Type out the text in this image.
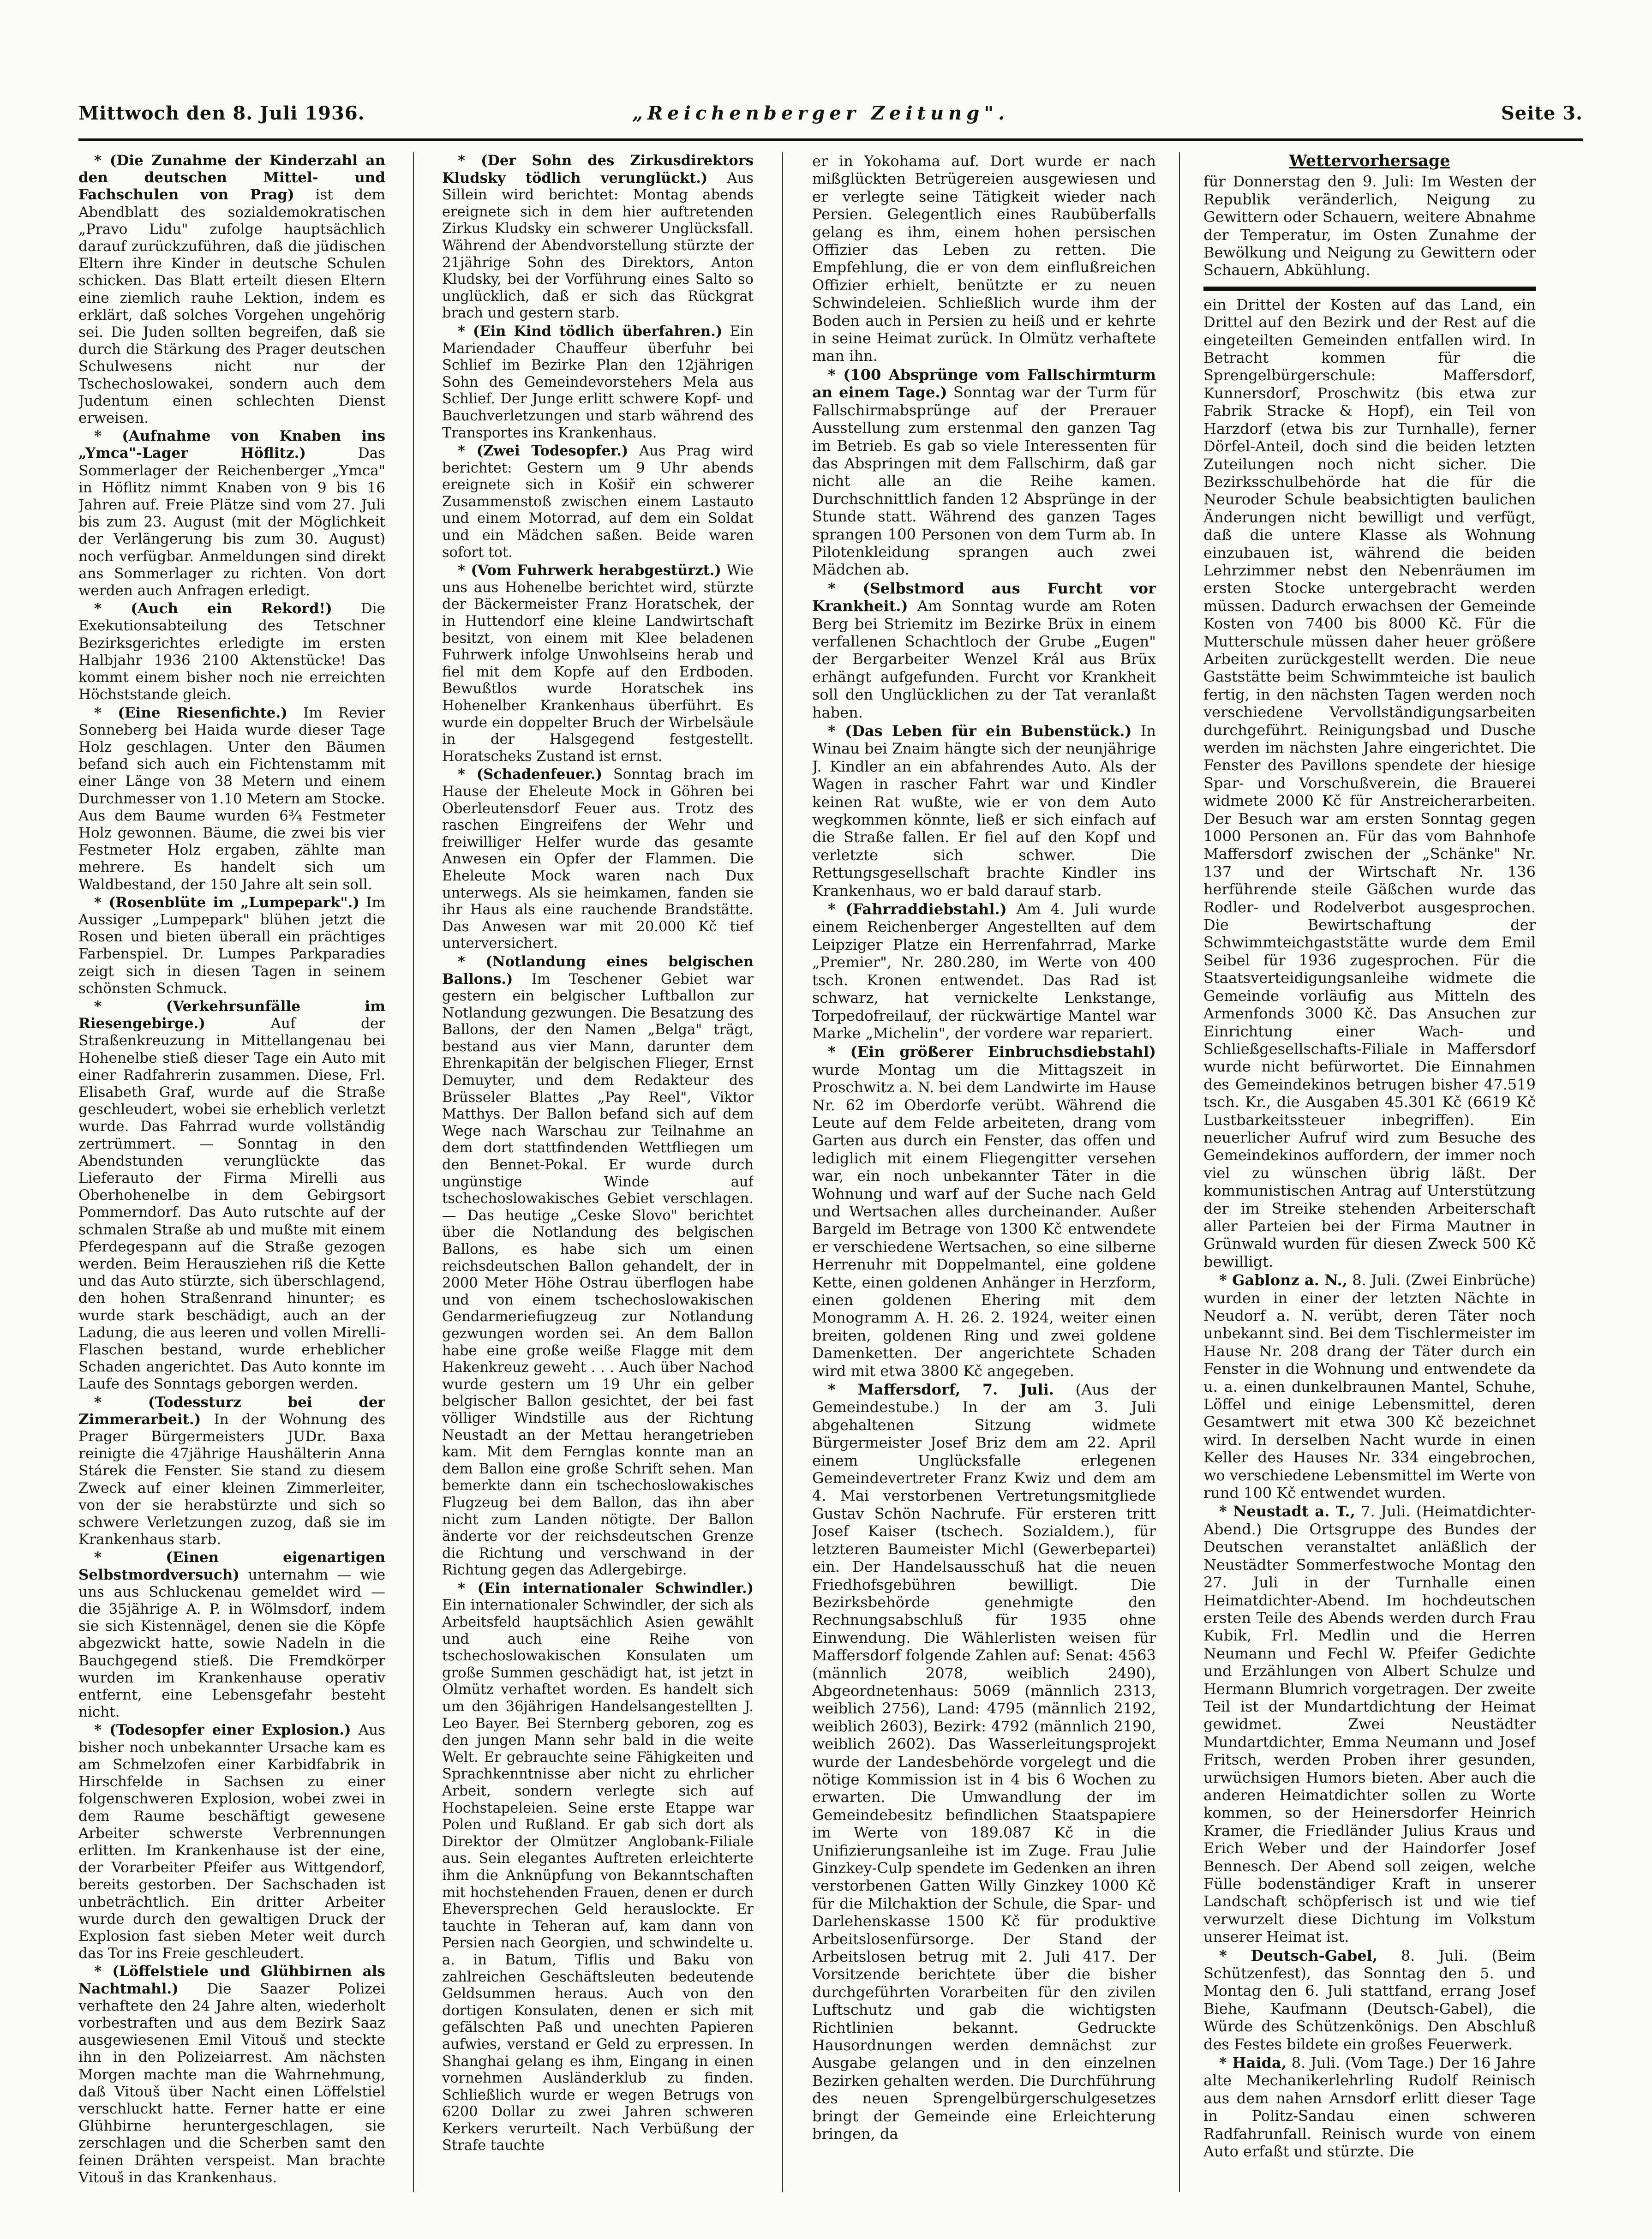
Mittwoch den 8. Juli 1936.	„Reichenberger Zeitung".	Seite 3.

* (Die Zunahme der Kinderzahl an den deutschen Mittel- und Fachschulen von Prag) ist dem Abendblatt des sozialdemokratischen „Pravo Lidu" zufolge hauptsächlich darauf zurückzuführen, daß die jüdischen Eltern ihre Kinder in deutsche Schulen schicken. Das Blatt erteilt diesen Eltern eine ziemlich rauhe Lektion, indem es erklärt, daß solches Vorgehen ungehörig sei. Die Juden sollten begreifen, daß sie durch die Stärkung des Prager deutschen Schulwesens nicht nur der Tschechoslowakei, sondern auch dem Judentum einen schlechten Dienst erweisen.

* (Aufnahme von Knaben ins „Ymca"-Lager Höflitz.) Das Sommerlager der Reichenberger „Ymca" in Höflitz nimmt Knaben von 9 bis 16 Jahren auf. Freie Plätze sind vom 27. Juli bis zum 23. August (mit der Möglichkeit der Verlängerung bis zum 30. August) noch verfügbar. Anmeldungen sind direkt ans Sommerlager zu richten. Von dort werden auch Anfragen erledigt.

* (Auch ein Rekord!) Die Exekutionsabteilung des Tetschner Bezirksgerichtes erledigte im ersten Halbjahr 1936 2100 Aktenstücke! Das kommt einem bisher noch nie erreichten Höchststande gleich.

* (Eine Riesenfichte.) Im Revier Sonneberg bei Haida wurde dieser Tage Holz geschlagen. Unter den Bäumen befand sich auch ein Fichtenstamm mit einer Länge von 38 Metern und einem Durchmesser von 1.10 Metern am Stocke. Aus dem Baume wurden 6¾ Festmeter Holz gewonnen. Bäume, die zwei bis vier Festmeter Holz ergaben, zählte man mehrere. Es handelt sich um Waldbestand, der 150 Jahre alt sein soll.

* (Rosenblüte im „Lumpepark".) Im Aussiger „Lumpepark" blühen jetzt die Rosen und bieten überall ein prächtiges Farbenspiel. Dr. Lumpes Parkparadies zeigt sich in diesen Tagen in seinem schönsten Schmuck.

* (Verkehrsunfälle im Riesengebirge.) Auf der Straßenkreuzung in Mittellangenau bei Hohenelbe stieß dieser Tage ein Auto mit einer Radfahrerin zusammen. Diese, Frl. Elisabeth Graf, wurde auf die Straße geschleudert, wobei sie erheblich verletzt wurde. Das Fahrrad wurde vollständig zertrümmert. — Sonntag in den Abendstunden verunglückte das Lieferauto der Firma Mirelli aus Oberhohenelbe in dem Gebirgsort Pommerndorf. Das Auto rutschte auf der schmalen Straße ab und mußte mit einem Pferdegespann auf die Straße gezogen werden. Beim Herausziehen riß die Kette und das Auto stürzte, sich überschlagend, den hohen Straßenrand hinunter; es wurde stark beschädigt, auch an der Ladung, die aus leeren und vollen Mirelli-Flaschen bestand, wurde erheblicher Schaden angerichtet. Das Auto konnte im Laufe des Sonntags geborgen werden.

* (Todessturz bei der Zimmerarbeit.) In der Wohnung des Prager Bürgermeisters JUDr. Baxa reinigte die 47jährige Haushälterin Anna Stárek die Fenster. Sie stand zu diesem Zweck auf einer kleinen Zimmerleiter, von der sie herabstürzte und sich so schwere Verletzungen zuzog, daß sie im Krankenhaus starb.

* (Einen eigenartigen Selbstmordversuch) unternahm — wie uns aus Schluckenau gemeldet wird — die 35jährige A. P. in Wölmsdorf, indem sie sich Kistennägel, denen sie die Köpfe abgezwickt hatte, sowie Nadeln in die Bauchgegend stieß. Die Fremdkörper wurden im Krankenhause operativ entfernt, eine Lebensgefahr besteht nicht.

* (Todesopfer einer Explosion.) Aus bisher noch unbekannter Ursache kam es am Schmelzofen einer Karbidfabrik in Hirschfelde in Sachsen zu einer folgenschweren Explosion, wobei zwei in dem Raume beschäftigt gewesene Arbeiter schwerste Verbrennungen erlitten. Im Krankenhause ist der eine, der Vorarbeiter Pfeifer aus Wittgendorf, bereits gestorben. Der Sachschaden ist unbeträchtlich. Ein dritter Arbeiter wurde durch den gewaltigen Druck der Explosion fast sieben Meter weit durch das Tor ins Freie geschleudert.

* (Löffelstiele und Glühbirnen als Nachtmahl.) Die Saazer Polizei verhaftete den 24 Jahre alten, wiederholt vorbestraften und aus dem Bezirk Saaz ausgewiesenen Emil Vitouš und steckte ihn in den Polizeiarrest. Am nächsten Morgen machte man die Wahrnehmung, daß Vitouš über Nacht einen Löffelstiel verschluckt hatte. Ferner hatte er eine Glühbirne heruntergeschlagen, sie zerschlagen und die Scherben samt den feinen Drähten verspeist. Man brachte Vitouš in das Krankenhaus.

* (Der Sohn des Zirkusdirektors Kludsky tödlich verunglückt.) Aus Sillein wird berichtet: Montag abends ereignete sich in dem hier auftretenden Zirkus Kludsky ein schwerer Unglücksfall. Während der Abendvorstellung stürzte der 21jährige Sohn des Direktors, Anton Kludsky, bei der Vorführung eines Salto so unglücklich, daß er sich das Rückgrat brach und gestern starb.

* (Ein Kind tödlich überfahren.) Ein Mariendader Chauffeur überfuhr bei Schlief im Bezirke Plan den 12jährigen Sohn des Gemeindevorstehers Mela aus Schlief. Der Junge erlitt schwere Kopf- und Bauchverletzungen und starb während des Transportes ins Krankenhaus.

* (Zwei Todesopfer.) Aus Prag wird berichtet: Gestern um 9 Uhr abends ereignete sich in Košiř ein schwerer Zusammenstoß zwischen einem Lastauto und einem Motorrad, auf dem ein Soldat und ein Mädchen saßen. Beide waren sofort tot.

* (Vom Fuhrwerk herabgestürzt.) Wie uns aus Hohenelbe berichtet wird, stürzte der Bäckermeister Franz Horatschek, der in Huttendorf eine kleine Landwirtschaft besitzt, von einem mit Klee beladenen Fuhrwerk infolge Unwohlseins herab und fiel mit dem Kopfe auf den Erdboden. Bewußtlos wurde Horatschek ins Hohenelber Krankenhaus überführt. Es wurde ein doppelter Bruch der Wirbelsäule in der Halsgegend festgestellt. Horatscheks Zustand ist ernst.

* (Schadenfeuer.) Sonntag brach im Hause der Eheleute Mock in Göhren bei Oberleutensdorf Feuer aus. Trotz des raschen Eingreifens der Wehr und freiwilliger Helfer wurde das gesamte Anwesen ein Opfer der Flammen. Die Eheleute Mock waren nach Dux unterwegs. Als sie heimkamen, fanden sie ihr Haus als eine rauchende Brandstätte. Das Anwesen war mit 20.000 Kč tief unterversichert.

* (Notlandung eines belgischen Ballons.) Im Teschener Gebiet war gestern ein belgischer Luftballon zur Notlandung gezwungen. Die Besatzung des Ballons, der den Namen „Belga" trägt, bestand aus vier Mann, darunter dem Ehrenkapitän der belgischen Flieger, Ernst Demuyter, und dem Redakteur des Brüsseler Blattes „Pay Reel", Viktor Matthys. Der Ballon befand sich auf dem Wege nach Warschau zur Teilnahme an dem dort stattfindenden Wettfliegen um den Bennet-Pokal. Er wurde durch ungünstige Winde auf tschechoslowakisches Gebiet verschlagen. — Das heutige „Ceske Slovo" berichtet über die Notlandung des belgischen Ballons, es habe sich um einen reichsdeutschen Ballon gehandelt, der in 2000 Meter Höhe Ostrau überflogen habe und von einem tschechoslowakischen Gendarmeriefiugzeug zur Notlandung gezwungen worden sei. An dem Ballon habe eine große weiße Flagge mit dem Hakenkreuz geweht . . . Auch über Nachod wurde gestern um 19 Uhr ein gelber belgischer Ballon gesichtet, der bei fast völliger Windstille aus der Richtung Neustadt an der Mettau herangetrieben kam. Mit dem Fernglas konnte man an dem Ballon eine große Schrift sehen. Man bemerkte dann ein tschechoslowakisches Flugzeug bei dem Ballon, das ihn aber nicht zum Landen nötigte. Der Ballon änderte vor der reichsdeutschen Grenze die Richtung und verschwand in der Richtung gegen das Adlergebirge.

* (Ein internationaler Schwindler.) Ein internationaler Schwindler, der sich als Arbeitsfeld hauptsächlich Asien gewählt und auch eine Reihe von tschechoslowakischen Konsulaten um große Summen geschädigt hat, ist jetzt in Olmütz verhaftet worden. Es handelt sich um den 36jährigen Handelsangestellten J. Leo Bayer. Bei Sternberg geboren, zog es den jungen Mann sehr bald in die weite Welt. Er gebrauchte seine Fähigkeiten und Sprachkenntnisse aber nicht zu ehrlicher Arbeit, sondern verlegte sich auf Hochstapeleien. Seine erste Etappe war Polen und Rußland. Er gab sich dort als Direktor der Olmützer Anglobank-Filiale aus. Sein elegantes Auftreten erleichterte ihm die Anknüpfung von Bekanntschaften mit hochstehenden Frauen, denen er durch Eheversprechen Geld herauslockte. Er tauchte in Teheran auf, kam dann von Persien nach Georgien, und schwindelte u. a. in Batum, Tiflis und Baku von zahlreichen Geschäftsleuten bedeutende Geldsummen heraus. Auch von den dortigen Konsulaten, denen er sich mit gefälschten Paß und unechten Papieren aufwies, verstand er Geld zu erpressen. In Shanghai gelang es ihm, Eingang in einen vornehmen Ausländerklub zu finden. Schließlich wurde er wegen Betrugs von 6200 Dollar zu zwei Jahren schweren Kerkers verurteilt. Nach Verbüßung der Strafe tauchte

er in Yokohama auf. Dort wurde er nach mißglückten Betrügereien ausgewiesen und er verlegte seine Tätigkeit wieder nach Persien. Gelegentlich eines Raubüberfalls gelang es ihm, einem hohen persischen Offizier das Leben zu retten. Die Empfehlung, die er von dem einflußreichen Offizier erhielt, benützte er zu neuen Schwindeleien. Schließlich wurde ihm der Boden auch in Persien zu heiß und er kehrte in seine Heimat zurück. In Olmütz verhaftete man ihn.

* (100 Absprünge vom Fallschirmturm an einem Tage.) Sonntag war der Turm für Fallschirmabsprünge auf der Prerauer Ausstellung zum erstenmal den ganzen Tag im Betrieb. Es gab so viele Interessenten für das Abspringen mit dem Fallschirm, daß gar nicht alle an die Reihe kamen. Durchschnittlich fanden 12 Absprünge in der Stunde statt. Während des ganzen Tages sprangen 100 Personen von dem Turm ab. In Pilotenkleidung sprangen auch zwei Mädchen ab.

* (Selbstmord aus Furcht vor Krankheit.) Am Sonntag wurde am Roten Berg bei Striemitz im Bezirke Brüx in einem verfallenen Schachtloch der Grube „Eugen" der Bergarbeiter Wenzel Král aus Brüx erhängt aufgefunden. Furcht vor Krankheit soll den Unglücklichen zu der Tat veranlaßt haben.

* (Das Leben für ein Bubenstück.) In Winau bei Znaim hängte sich der neunjährige J. Kindler an ein abfahrendes Auto. Als der Wagen in rascher Fahrt war und Kindler keinen Rat wußte, wie er von dem Auto wegkommen könnte, ließ er sich einfach auf die Straße fallen. Er fiel auf den Kopf und verletzte sich schwer. Die Rettungsgesellschaft brachte Kindler ins Krankenhaus, wo er bald darauf starb.

* (Fahrraddiebstahl.) Am 4. Juli wurde einem Reichenberger Angestellten auf dem Leipziger Platze ein Herrenfahrrad, Marke „Premier", Nr. 280.280, im Werte von 400 tsch. Kronen entwendet. Das Rad ist schwarz, hat vernickelte Lenkstange, Torpedofreilauf, der rückwärtige Mantel war Marke „Michelin", der vordere war repariert.

* (Ein größerer Einbruchsdiebstahl) wurde Montag um die Mittagszeit in Proschwitz a. N. bei dem Landwirte im Hause Nr. 62 im Oberdorfe verübt. Während die Leute auf dem Felde arbeiteten, drang vom Garten aus durch ein Fenster, das offen und lediglich mit einem Fliegengitter versehen war, ein noch unbekannter Täter in die Wohnung und warf auf der Suche nach Geld und Wertsachen alles durcheinander. Außer Bargeld im Betrage von 1300 Kč entwendete er verschiedene Wertsachen, so eine silberne Herrenuhr mit Doppelmantel, eine goldene Kette, einen goldenen Anhänger in Herzform, einen goldenen Ehering mit dem Monogramm A. H. 26. 2. 1924, weiter einen breiten, goldenen Ring und zwei goldene Damenketten. Der angerichtete Schaden wird mit etwa 3800 Kč angegeben.

* Maffersdorf, 7. Juli. (Aus der Gemeindestube.) In der am 3. Juli abgehaltenen Sitzung widmete Bürgermeister Josef Briz dem am 22. April einem Unglücksfalle erlegenen Gemeindevertreter Franz Kwiz und dem am 4. Mai verstorbenen Vertretungsmitgliede Gustav Schön Nachrufe. Für ersteren tritt Josef Kaiser (tschech. Sozialdem.), für letzteren Baumeister Michl (Gewerbepartei) ein. Der Handelsausschuß hat die neuen Friedhofsgebühren bewilligt. Die Bezirksbehörde genehmigte den Rechnungsabschluß für 1935 ohne Einwendung. Die Wählerlisten weisen für Maffersdorf folgende Zahlen auf: Senat: 4563 (männlich 2078, weiblich 2490), Abgeordnetenhaus: 5069 (männlich 2313, weiblich 2756), Land: 4795 (männlich 2192, weiblich 2603), Bezirk: 4792 (männlich 2190, weiblich 2602). Das Wasserleitungsprojekt wurde der Landesbehörde vorgelegt und die nötige Kommission ist in 4 bis 6 Wochen zu erwarten. Die Umwandlung der im Gemeindebesitz befindlichen Staatspapiere im Werte von 189.087 Kč in die Unifizierungsanleihe ist im Zuge. Frau Julie Ginzkey-Culp spendete im Gedenken an ihren verstorbenen Gatten Willy Ginzkey 1000 Kč für die Milchaktion der Schule, die Spar- und Darlehenskasse 1500 Kč für produktive Arbeitslosenfürsorge. Der Stand der Arbeitslosen betrug mit 2. Juli 417. Der Vorsitzende berichtete über die bisher durchgeführten Vorarbeiten für den zivilen Luftschutz und gab die wichtigsten Richtlinien bekannt. Gedruckte Hausordnungen werden demnächst zur Ausgabe gelangen und in den einzelnen Bezirken gehalten werden. Die Durchführung des neuen Sprengelbürgerschulgesetzes bringt der Gemeinde eine Erleichterung bringen, da

Wettervorhersage

für Donnerstag den 9. Juli: Im Westen der Republik veränderlich, Neigung zu Gewittern oder Schauern, weitere Abnahme der Temperatur, im Osten Zunahme der Bewölkung und Neigung zu Gewittern oder Schauern, Abkühlung.

ein Drittel der Kosten auf das Land, ein Drittel auf den Bezirk und der Rest auf die eingeteilten Gemeinden entfallen wird. In Betracht kommen für die Sprengelbürgerschule: Maffersdorf, Kunnersdorf, Proschwitz (bis etwa zur Fabrik Stracke & Hopf), ein Teil von Harzdorf (etwa bis zur Turnhalle), ferner Dörfel-Anteil, doch sind die beiden letzten Zuteilungen noch nicht sicher. Die Bezirksschulbehörde hat die für die Neuroder Schule beabsichtigten baulichen Änderungen nicht bewilligt und verfügt, daß die untere Klasse als Wohnung einzubauen ist, während die beiden Lehrzimmer nebst den Nebenräumen im ersten Stocke untergebracht werden müssen. Dadurch erwachsen der Gemeinde Kosten von 7400 bis 8000 Kč. Für die Mutterschule müssen daher heuer größere Arbeiten zurückgestellt werden. Die neue Gaststätte beim Schwimmteiche ist baulich fertig, in den nächsten Tagen werden noch verschiedene Vervollständigungsarbeiten durchgeführt. Reinigungsbad und Dusche werden im nächsten Jahre eingerichtet. Die Fenster des Pavillons spendete der hiesige Spar- und Vorschußverein, die Brauerei widmete 2000 Kč für Anstreicherarbeiten. Der Besuch war am ersten Sonntag gegen 1000 Personen an. Für das vom Bahnhofe Maffersdorf zwischen der „Schänke" Nr. 137 und der Wirtschaft Nr. 136 herführende steile Gäßchen wurde das Rodler- und Rodelverbot ausgesprochen. Die Bewirtschaftung der Schwimmteichgaststätte wurde dem Emil Seibel für 1936 zugesprochen. Für die Staatsverteidigungsanleihe widmete die Gemeinde vorläufig aus Mitteln des Armenfonds 3000 Kč. Das Ansuchen zur Einrichtung einer Wach- und Schließgesellschafts-Filiale in Maffersdorf wurde nicht befürwortet. Die Einnahmen des Gemeindekinos betrugen bisher 47.519 tsch. Kr., die Ausgaben 45.301 Kč (6619 Kč Lustbarkeitssteuer inbegriffen). Ein neuerlicher Aufruf wird zum Besuche des Gemeindekinos auffordern, der immer noch viel zu wünschen übrig läßt. Der kommunistischen Antrag auf Unterstützung der im Streike stehenden Arbeiterschaft aller Parteien bei der Firma Mautner in Grünwald wurden für diesen Zweck 500 Kč bewilligt.

* Gablonz a. N., 8. Juli. (Zwei Einbrüche) wurden in einer der letzten Nächte in Neudorf a. N. verübt, deren Täter noch unbekannt sind. Bei dem Tischlermeister im Hause Nr. 208 drang der Täter durch ein Fenster in die Wohnung und entwendete da u. a. einen dunkelbraunen Mantel, Schuhe, Löffel und einige Lebensmittel, deren Gesamtwert mit etwa 300 Kč bezeichnet wird. In derselben Nacht wurde in einen Keller des Hauses Nr. 334 eingebrochen, wo verschiedene Lebensmittel im Werte von rund 100 Kč entwendet wurden.

* Neustadt a. T., 7. Juli. (Heimatdichter-Abend.) Die Ortsgruppe des Bundes der Deutschen veranstaltet anläßlich der Neustädter Sommerfestwoche Montag den 27. Juli in der Turnhalle einen Heimatdichter-Abend. Im hochdeutschen ersten Teile des Abends werden durch Frau Kubik, Frl. Medlin und die Herren Neumann und Fechl W. Pfeifer Gedichte und Erzählungen von Albert Schulze und Hermann Blumrich vorgetragen. Der zweite Teil ist der Mundartdichtung der Heimat gewidmet. Zwei Neustädter Mundartdichter, Emma Neumann und Josef Fritsch, werden Proben ihrer gesunden, urwüchsigen Humors bieten. Aber auch die anderen Heimatdichter sollen zu Worte kommen, so der Heinersdorfer Heinrich Kramer, die Friedländer Julius Kraus und Erich Weber und der Haindorfer Josef Bennesch. Der Abend soll zeigen, welche Fülle bodenständiger Kraft in unserer Landschaft schöpferisch ist und wie tief verwurzelt diese Dichtung im Volkstum unserer Heimat ist.

* Deutsch-Gabel, 8. Juli. (Beim Schützenfest), das Sonntag den 5. und Montag den 6. Juli stattfand, errang Josef Biehe, Kaufmann (Deutsch-Gabel), die Würde des Schützenkönigs. Den Abschluß des Festes bildete ein großes Feuerwerk.

* Haida, 8. Juli. (Vom Tage.) Der 16 Jahre alte Mechanikerlehrling Rudolf Reinisch aus dem nahen Arnsdorf erlitt dieser Tage in Politz-Sandau einen schweren Radfahrunfall. Reinisch wurde von einem Auto erfaßt und stürzte. Die
